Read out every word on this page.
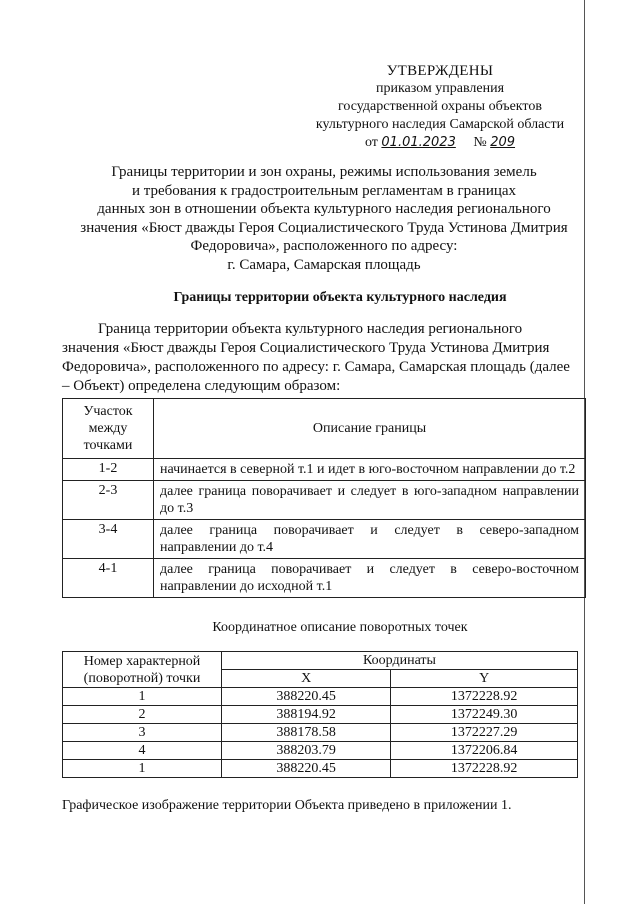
УТВЕРЖДЕНЫ
приказом управления
государственной охраны объектов
культурного наследия Самарской области
от 01.01.2023 № 209
Границы территории и зон охраны, режимы использования земель
и требования к градостроительным регламентам в границах
данных зон в отношении объекта культурного наследия регионального
значения «Бюст дважды Героя Социалистического Труда Устинова Дмитрия
Федоровича», расположенного по адресу:
г. Самара, Самарская площадь
Границы территории объекта культурного наследия
Граница территории объекта культурного наследия регионального
значения «Бюст дважды Героя Социалистического Труда Устинова Дмитрия
Федоровича», расположенного по адресу: г. Самара, Самарская площадь (далее
– Объект) определена следующим образом:
Участок
между
точками	Описание границы
1-2	начинается в северной т.1 и идет в юго-восточном направлении до т.2
2-3	далее граница поворачивает и следует в юго-западном направлении до т.3
3-4	далее граница поворачивает и следует в северо-западном направлении до т.4
4-1	далее граница поворачивает и следует в северо-восточном направлении до исходной т.1
Координатное описание поворотных точек
Номер характерной
(поворотной) точки	Координаты	
	X	Y
1	388220.45	1372228.92
2	388194.92	1372249.30
3	388178.58	1372227.29
4	388203.79	1372206.84
1	388220.45	1372228.92
Графическое изображение территории Объекта приведено в приложении 1.
